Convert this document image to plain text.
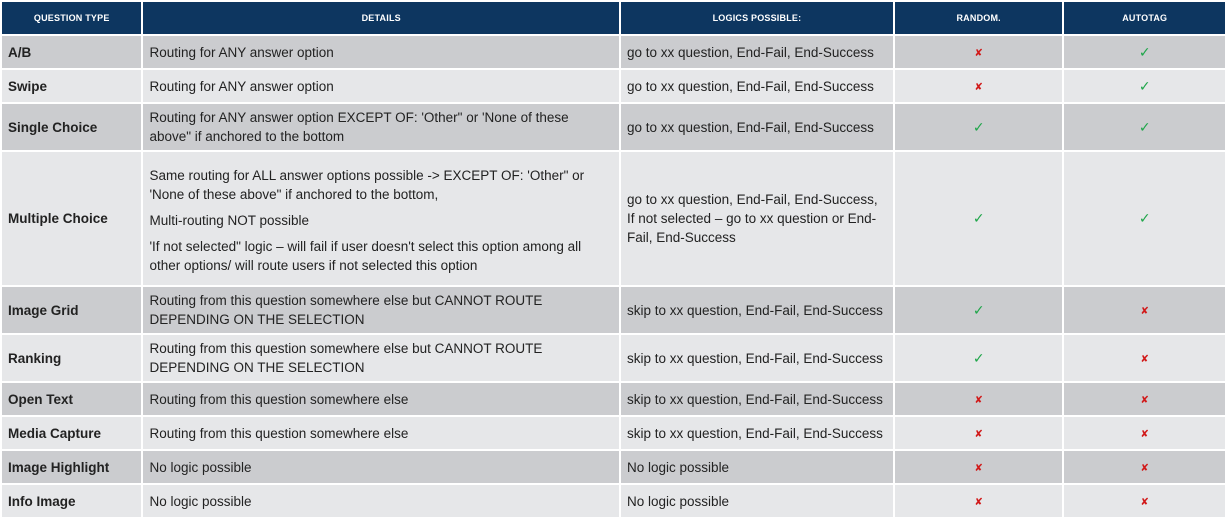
QUESTION TYPE	DETAILS	LOGICS POSSIBLE:	RANDOM.	AUTOTAG
A/B	Routing for ANY answer option	go to xx question, End-Fail, End-Success	✘	✓
Swipe	Routing for ANY answer option	go to xx question, End-Fail, End-Success	✘	✓
Single Choice	Routing for ANY answer option EXCEPT OF: 'Other" or 'None of these above" if anchored to the bottom	go to xx question, End-Fail, End-Success	✓	✓
Multiple Choice	Same routing for ALL answer options possible -> EXCEPT OF: 'Other" or 'None of these above" if anchored to the bottom,
Multi-routing NOT possible
'If not selected" logic – will fail if user doesn't select this option among all other options/ will route users if not selected this option	go to xx question, End-Fail, End-Success, If not selected – go to xx question or End-Fail, End-Success	✓	✓
Image Grid	Routing from this question somewhere else but CANNOT ROUTE DEPENDING ON THE SELECTION	skip to xx question, End-Fail, End-Success	✓	✘
Ranking	Routing from this question somewhere else but CANNOT ROUTE DEPENDING ON THE SELECTION	skip to xx question, End-Fail, End-Success	✓	✘
Open Text	Routing from this question somewhere else	skip to xx question, End-Fail, End-Success	✘	✘
Media Capture	Routing from this question somewhere else	skip to xx question, End-Fail, End-Success	✘	✘
Image Highlight	No logic possible	No logic possible	✘	✘
Info Image	No logic possible	No logic possible	✘	✘
